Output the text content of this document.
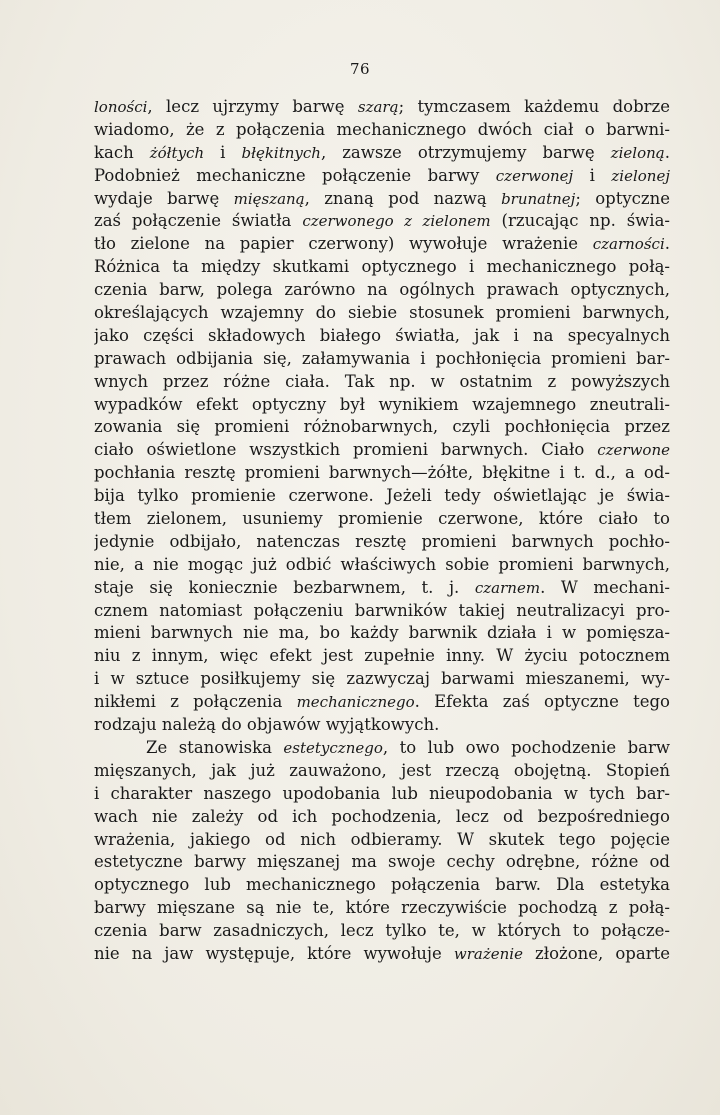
76
loności, lecz ujrzymy barwę szarą; tymczasem każdemu dobrze
wiadomo, że z połączenia mechanicznego dwóch ciał o barwni-
kach żółtych i błękitnych, zawsze otrzymujemy barwę zieloną.
Podobnież mechaniczne połączenie barwy czerwonej i zielonej
wydaje barwę mięszaną, znaną pod nazwą brunatnej; optyczne
zaś połączenie światła czerwonego z zielonem (rzucając np. świa-
tło zielone na papier czerwony) wywołuje wrażenie czarności.
Różnica ta między skutkami optycznego i mechanicznego połą-
czenia barw, polega zarówno na ogólnych prawach optycznych,
określających wzajemny do siebie stosunek promieni barwnych,
jako części składowych białego światła, jak i na specyalnych
prawach odbijania się, załamywania i pochłonięcia promieni bar-
wnych przez różne ciała. Tak np. w ostatnim z powyższych
wypadków efekt optyczny był wynikiem wzajemnego zneutrali-
zowania się promieni różnobarwnych, czyli pochłonięcia przez
ciało oświetlone wszystkich promieni barwnych. Ciało czerwone
pochłania resztę promieni barwnych—żółte, błękitne i t. d., a od-
bija tylko promienie czerwone. Jeżeli tedy oświetlając je świa-
tłem zielonem, usuniemy promienie czerwone, które ciało to
jedynie odbijało, natenczas resztę promieni barwnych pochło-
nie, a nie mogąc już odbić właściwych sobie promieni barwnych,
staje się koniecznie bezbarwnem, t. j. czarnem. W mechani-
cznem natomiast połączeniu barwników takiej neutralizacyi pro-
mieni barwnych nie ma, bo każdy barwnik działa i w pomięsza-
niu z innym, więc efekt jest zupełnie inny. W życiu potocznem
i w sztuce posiłkujemy się zazwyczaj barwami mieszanemi, wy-
nikłemi z połączenia mechanicznego. Efekta zaś optyczne tego
rodzaju należą do objawów wyjątkowych.
Ze stanowiska estetycznego, to lub owo pochodzenie barw
mięszanych, jak już zauważono, jest rzeczą obojętną. Stopień
i charakter naszego upodobania lub nieupodobania w tych bar-
wach nie zależy od ich pochodzenia, lecz od bezpośredniego
wrażenia, jakiego od nich odbieramy. W skutek tego pojęcie
estetyczne barwy mięszanej ma swoje cechy odrębne, różne od
optycznego lub mechanicznego połączenia barw. Dla estetyka
barwy mięszane są nie te, które rzeczywiście pochodzą z połą-
czenia barw zasadniczych, lecz tylko te, w których to połącze-
nie na jaw występuje, które wywołuje wrażenie złożone, oparte
